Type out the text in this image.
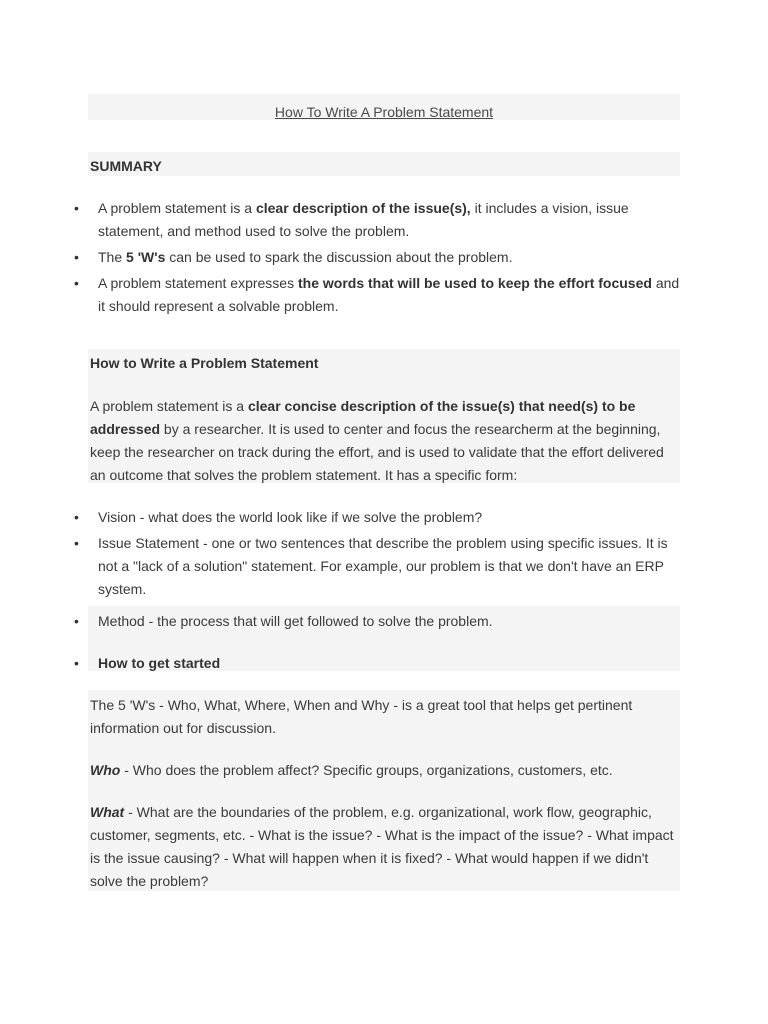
How To Write A Problem Statement
SUMMARY
• A problem statement is a clear description of the issue(s), it includes a vision, issue statement, and method used to solve the problem.
• The 5 'W's can be used to spark the discussion about the problem.
• A problem statement expresses the words that will be used to keep the effort focused and it should represent a solvable problem.
How to Write a Problem Statement
A problem statement is a clear concise description of the issue(s) that need(s) to be addressed by a researcher. It is used to center and focus the researcherm at the beginning, keep the researcher on track during the effort, and is used to validate that the effort delivered an outcome that solves the problem statement. It has a specific form:
• Vision - what does the world look like if we solve the problem?
• Issue Statement - one or two sentences that describe the problem using specific issues. It is not a "lack of a solution" statement. For example, our problem is that we don't have an ERP system.
• Method - the process that will get followed to solve the problem.
• How to get started
The 5 'W's - Who, What, Where, When and Why - is a great tool that helps get pertinent information out for discussion.
Who - Who does the problem affect? Specific groups, organizations, customers, etc.
What - What are the boundaries of the problem, e.g. organizational, work flow, geographic, customer, segments, etc. - What is the issue? - What is the impact of the issue? - What impact is the issue causing? - What will happen when it is fixed? - What would happen if we didn't solve the problem?
